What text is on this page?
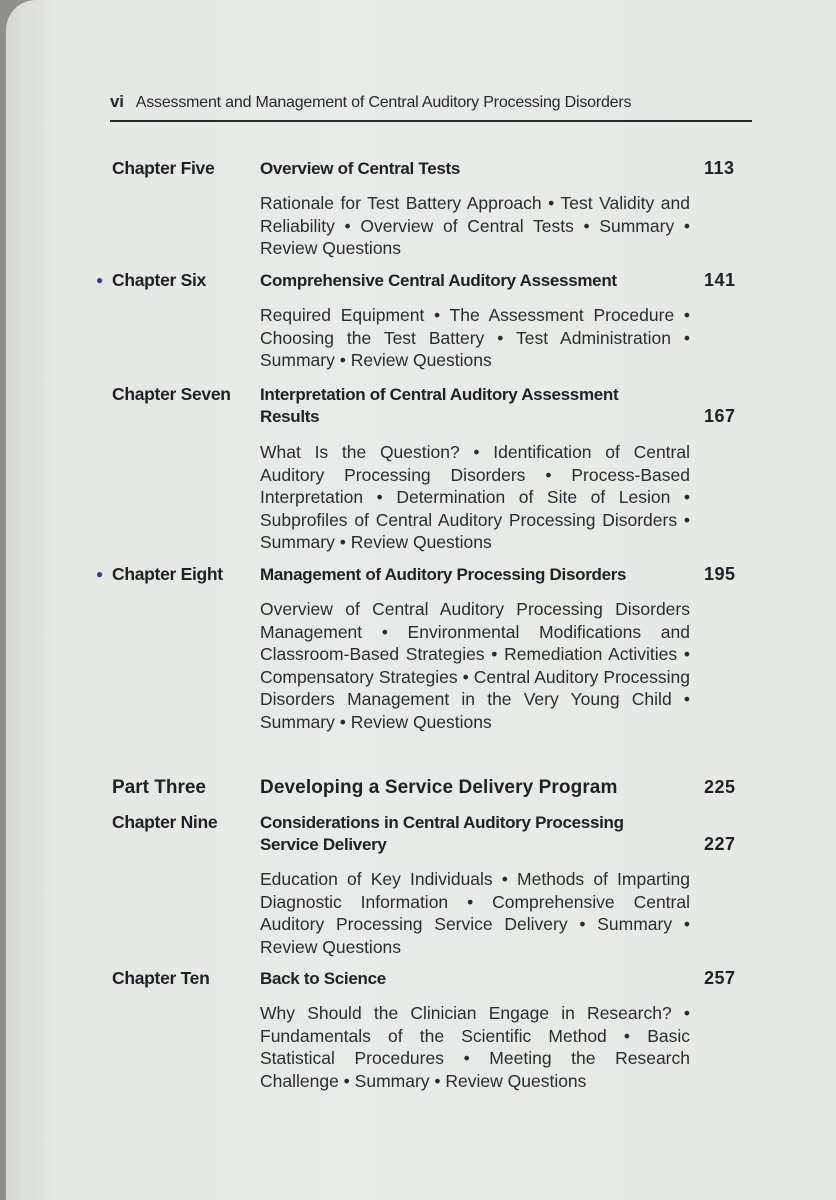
vi Assessment and Management of Central Auditory Processing Disorders
Chapter Five	Overview of Central Tests	113
Rationale for Test Battery Approach • Test Validity and Reliability • Overview of Central Tests • Summary • Review Questions
● Chapter Six	Comprehensive Central Auditory Assessment	141
Required Equipment • The Assessment Procedure • Choosing the Test Battery • Test Administration • Summary • Review Questions
Chapter Seven Interpretation of Central Auditory Assessment Results	167
What Is the Question? • Identification of Central Auditory Processing Disorders • Process-Based Interpretation • Determination of Site of Lesion • Subprofiles of Central Auditory Processing Disorders • Summary • Review Questions
● Chapter Eight Management of Auditory Processing Disorders	195
Overview of Central Auditory Processing Disorders Management • Environmental Modifications and Classroom-Based Strategies • Remediation Activities • Compensatory Strategies • Central Auditory Processing Disorders Management in the Very Young Child • Summary • Review Questions
Part Three	Developing a Service Delivery Program	225
Chapter Nine	Considerations in Central Auditory Processing Service Delivery	227
Education of Key Individuals • Methods of Imparting Diagnostic Information • Comprehensive Central Auditory Processing Service Delivery • Summary • Review Questions
Chapter Ten	Back to Science	257
Why Should the Clinician Engage in Research? • Fundamentals of the Scientific Method • Basic Statistical Procedures • Meeting the Research Challenge • Summary • Review Questions
